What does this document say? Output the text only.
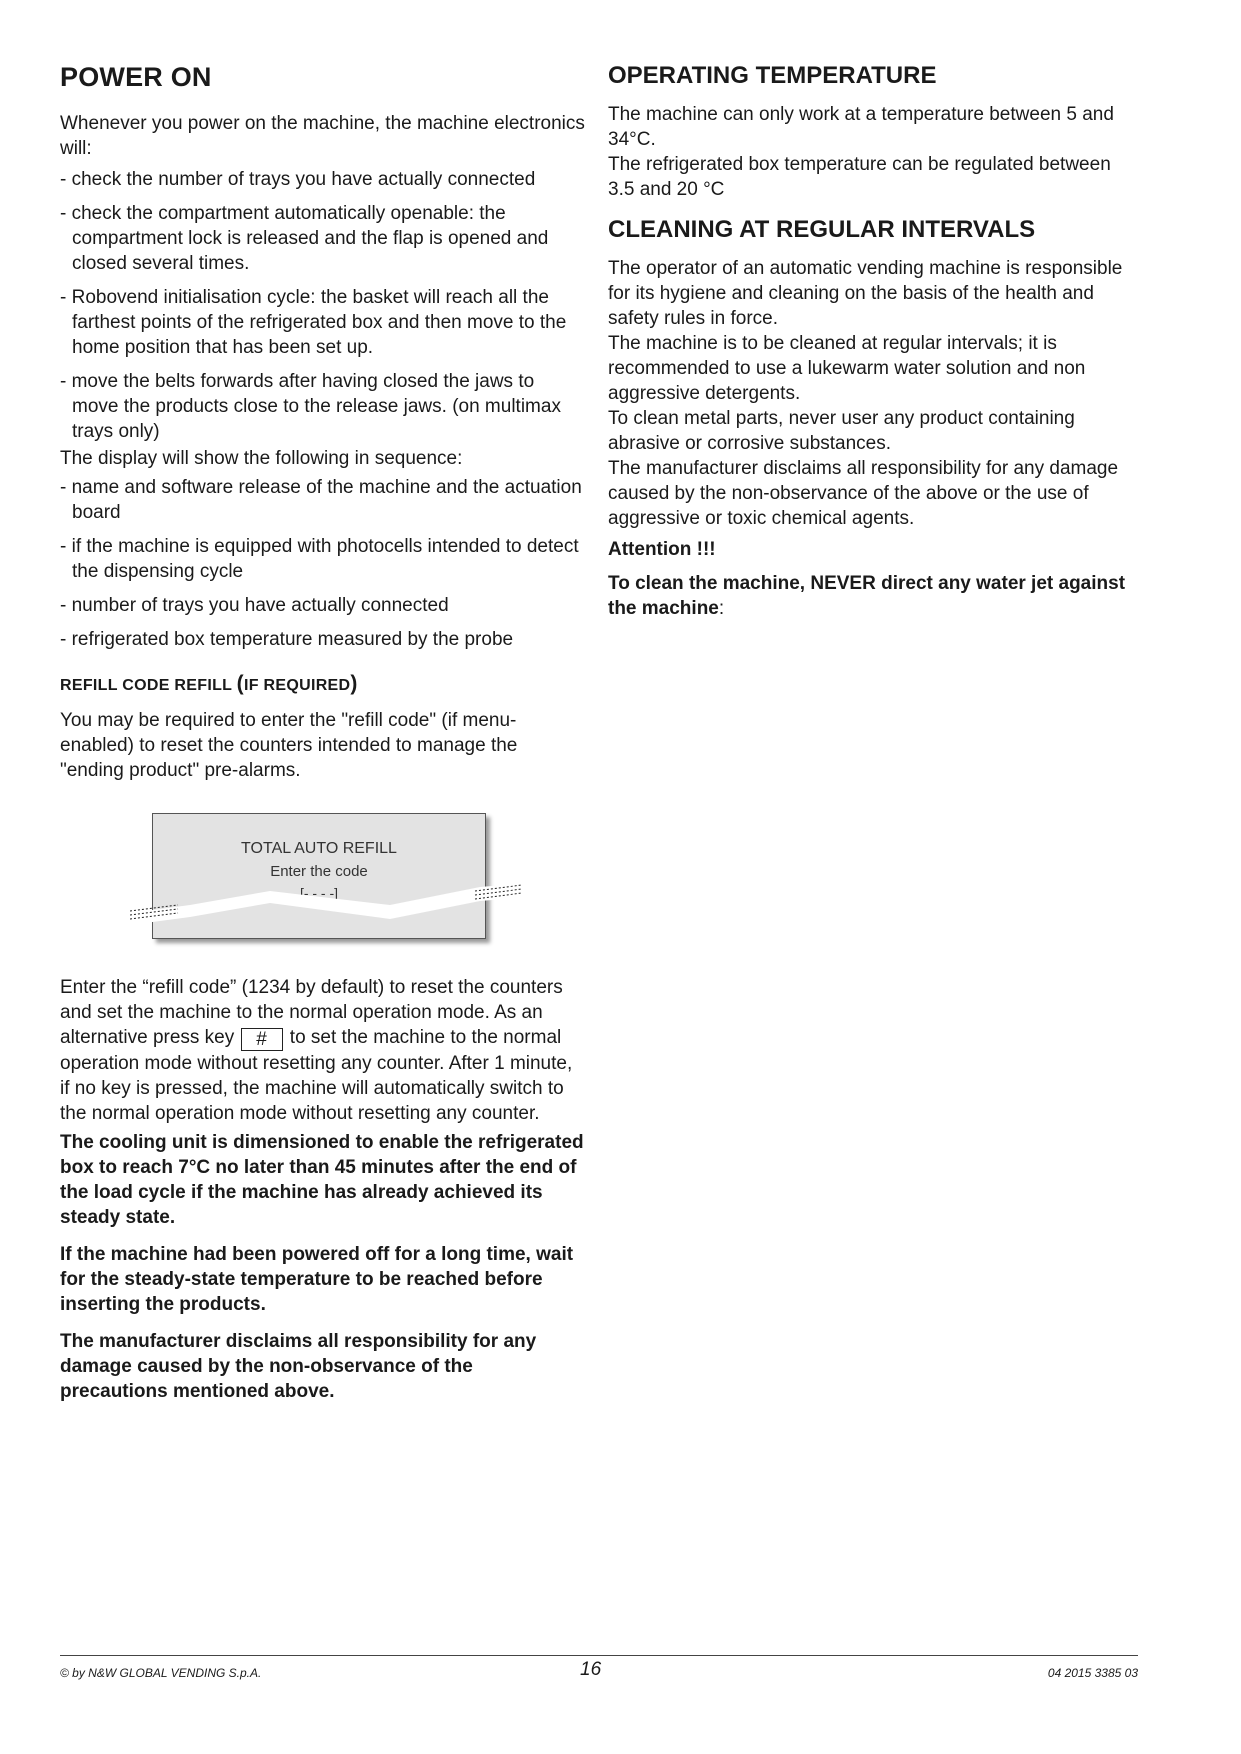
POWER ON

Whenever you power on the machine, the machine electronics will:

- check the number of trays you have actually connected
- check the compartment automatically openable: the compartment lock is released and the flap is opened and closed several times.
- Robovend initialisation cycle: the basket will reach all the farthest points of the refrigerated box and then move to the home position that has been set up.
- move the belts forwards after having closed the jaws to move the products close to the release jaws. (on multimax trays only)

The display will show the following in sequence:

- name and software release of the machine and the actuation board
- if the machine is equipped with photocells intended to detect the dispensing cycle
- number of trays you have actually connected
- refrigerated box temperature measured by the probe
REFILL CODE REFILL (IF REQUIRED)

You may be required to enter the "refill code" (if menu-enabled) to reset the counters intended to manage the "ending product" pre-alarms.

TOTAL AUTO REFILL
Enter the code
[- - - -]

Enter the “refill code” (1234 by default) to reset the counters and set the machine to the normal operation mode. As an alternative press key # to set the machine to the normal operation mode without resetting any counter. After 1 minute, if no key is pressed, the machine will automatically switch to the normal operation mode without resetting any counter.

The cooling unit is dimensioned to enable the refrigerated box to reach 7°C no later than 45 minutes after the end of the load cycle if the machine has already achieved its steady state.

If the machine had been powered off for a long time, wait for the steady-state temperature to be reached before inserting the products.

The manufacturer disclaims all responsibility for any damage caused by the non-observance of the precautions mentioned above.

OPERATING TEMPERATURE

The machine can only work at a temperature between 5 and 34°C.

The refrigerated box temperature can be regulated between 3.5 and 20 °C

CLEANING AT REGULAR INTERVALS

The operator of an automatic vending machine is responsible for its hygiene and cleaning on the basis of the health and safety rules in force.

The machine is to be cleaned at regular intervals; it is recommended to use a lukewarm water solution and non aggressive detergents.

To clean metal parts, never user any product containing abrasive or corrosive substances.

The manufacturer disclaims all responsibility for any damage caused by the non-observance of the above or the use of aggressive or toxic chemical agents.

Attention !!!

To clean the machine, NEVER direct any water jet against the machine:

© by N&W GLOBAL VENDING S.p.A.	16	04 2015 3385 03
